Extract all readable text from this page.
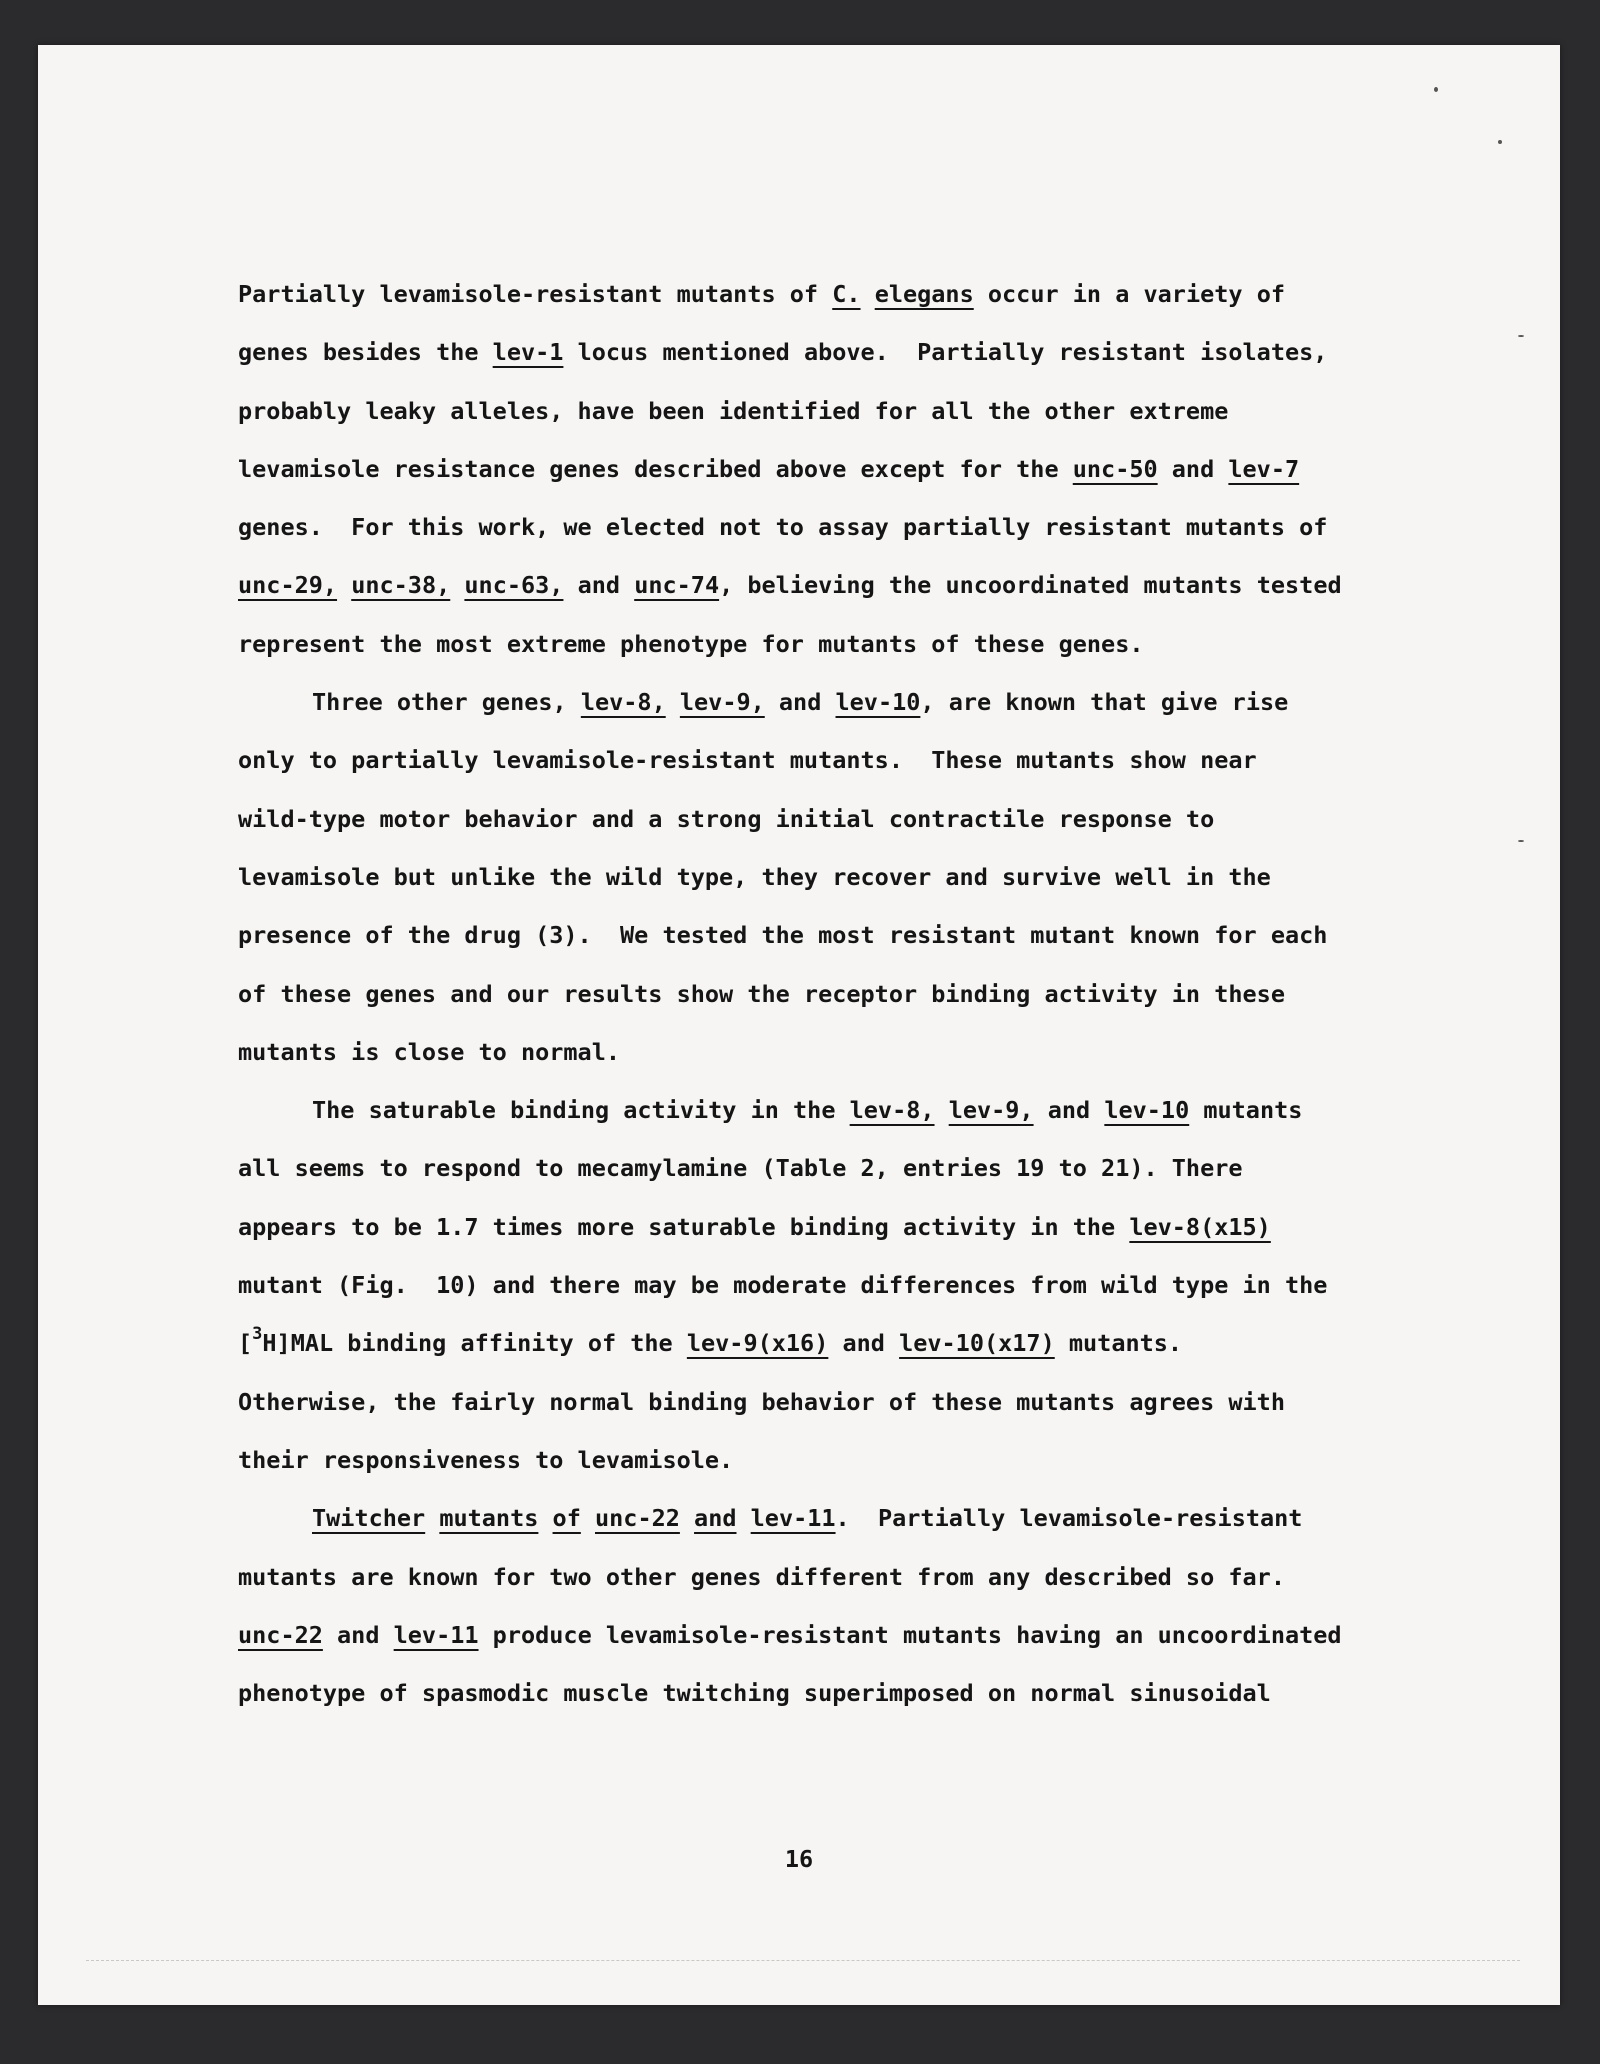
Partially levamisole-resistant mutants of C. elegans occur in a variety of
genes besides the lev-1 locus mentioned above.  Partially resistant isolates,
probably leaky alleles, have been identified for all the other extreme
levamisole resistance genes described above except for the unc-50 and lev-7
genes.  For this work, we elected not to assay partially resistant mutants of
unc-29, unc-38, unc-63, and unc-74, believing the uncoordinated mutants tested
represent the most extreme phenotype for mutants of these genes.
Three other genes, lev-8, lev-9, and lev-10, are known that give rise
only to partially levamisole-resistant mutants.  These mutants show near
wild-type motor behavior and a strong initial contractile response to
levamisole but unlike the wild type, they recover and survive well in the
presence of the drug (3).  We tested the most resistant mutant known for each
of these genes and our results show the receptor binding activity in these
mutants is close to normal.
The saturable binding activity in the lev-8, lev-9, and lev-10 mutants
all seems to respond to mecamylamine (Table 2, entries 19 to 21). There
appears to be 1.7 times more saturable binding activity in the lev-8(x15)
mutant (Fig.  10) and there may be moderate differences from wild type in the
[$^3$H]MAL binding affinity of the lev-9(x16) and lev-10(x17) mutants.
Otherwise, the fairly normal binding behavior of these mutants agrees with
their responsiveness to levamisole.
Twitcher mutants of unc-22 and lev-11.  Partially levamisole-resistant
mutants are known for two other genes different from any described so far.
unc-22 and lev-11 produce levamisole-resistant mutants having an uncoordinated
phenotype of spasmodic muscle twitching superimposed on normal sinusoidal
16
